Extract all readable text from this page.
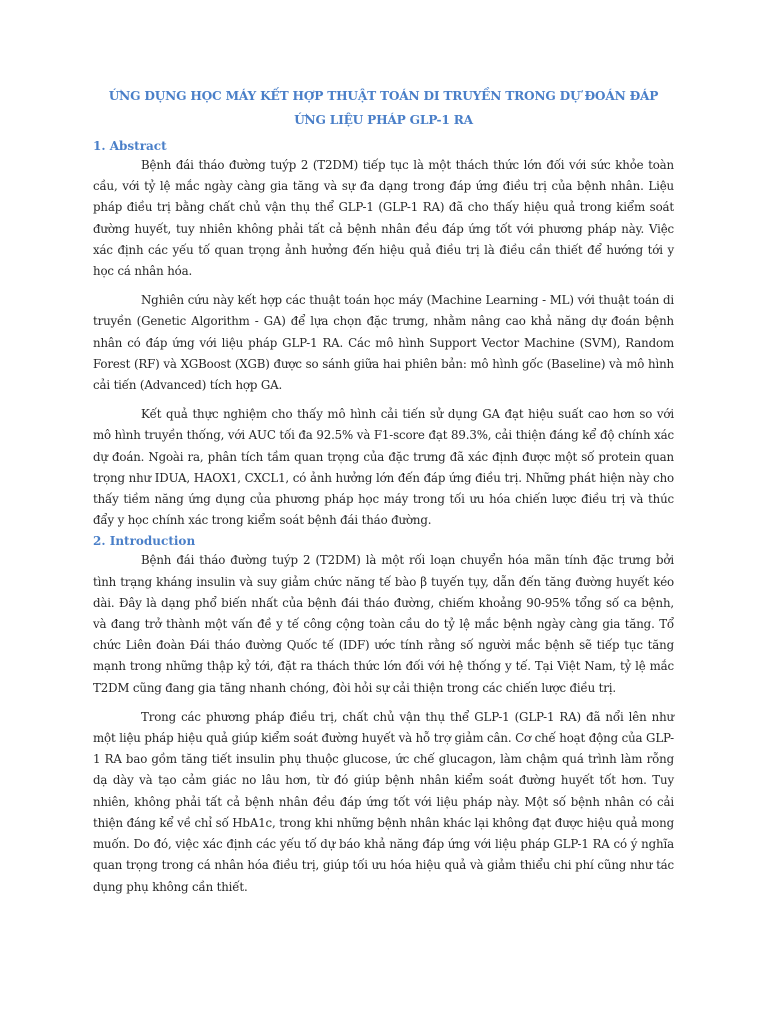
ỨNG DỤNG HỌC MÁY KẾT HỢP THUẬT TOÁN DI TRUYỀN TRONG DỰ ĐOÁN ĐÁP ỨNG LIỆU PHÁP GLP-1 RA
1. Abstract

Bệnh đái tháo đường tuýp 2 (T2DM) tiếp tục là một thách thức lớn đối với sức khỏe toàn cầu, với tỷ lệ mắc ngày càng gia tăng và sự đa dạng trong đáp ứng điều trị của bệnh nhân. Liệu pháp điều trị bằng chất chủ vận thụ thể GLP-1 (GLP-1 RA) đã cho thấy hiệu quả trong kiểm soát đường huyết, tuy nhiên không phải tất cả bệnh nhân đều đáp ứng tốt với phương pháp này. Việc xác định các yếu tố quan trọng ảnh hưởng đến hiệu quả điều trị là điều cần thiết để hướng tới y học cá nhân hóa.

Nghiên cứu này kết hợp các thuật toán học máy (Machine Learning - ML) với thuật toán di truyền (Genetic Algorithm - GA) để lựa chọn đặc trưng, nhằm nâng cao khả năng dự đoán bệnh nhân có đáp ứng với liệu pháp GLP-1 RA. Các mô hình Support Vector Machine (SVM), Random Forest (RF) và XGBoost (XGB) được so sánh giữa hai phiên bản: mô hình gốc (Baseline) và mô hình cải tiến (Advanced) tích hợp GA.

Kết quả thực nghiệm cho thấy mô hình cải tiến sử dụng GA đạt hiệu suất cao hơn so với mô hình truyền thống, với AUC tối đa 92.5% và F1-score đạt 89.3%, cải thiện đáng kể độ chính xác dự đoán. Ngoài ra, phân tích tầm quan trọng của đặc trưng đã xác định được một số protein quan trọng như IDUA, HAOX1, CXCL1, có ảnh hưởng lớn đến đáp ứng điều trị. Những phát hiện này cho thấy tiềm năng ứng dụng của phương pháp học máy trong tối ưu hóa chiến lược điều trị và thúc đẩy y học chính xác trong kiểm soát bệnh đái tháo đường.

2. Introduction

Bệnh đái tháo đường tuýp 2 (T2DM) là một rối loạn chuyển hóa mãn tính đặc trưng bởi tình trạng kháng insulin và suy giảm chức năng tế bào β tuyến tụy, dẫn đến tăng đường huyết kéo dài. Đây là dạng phổ biến nhất của bệnh đái tháo đường, chiếm khoảng 90-95% tổng số ca bệnh, và đang trở thành một vấn đề y tế công cộng toàn cầu do tỷ lệ mắc bệnh ngày càng gia tăng. Tổ chức Liên đoàn Đái tháo đường Quốc tế (IDF) ước tính rằng số người mắc bệnh sẽ tiếp tục tăng mạnh trong những thập kỷ tới, đặt ra thách thức lớn đối với hệ thống y tế. Tại Việt Nam, tỷ lệ mắc T2DM cũng đang gia tăng nhanh chóng, đòi hỏi sự cải thiện trong các chiến lược điều trị.

Trong các phương pháp điều trị, chất chủ vận thụ thể GLP-1 (GLP-1 RA) đã nổi lên như một liệu pháp hiệu quả giúp kiểm soát đường huyết và hỗ trợ giảm cân. Cơ chế hoạt động của GLP-1 RA bao gồm tăng tiết insulin phụ thuộc glucose, ức chế glucagon, làm chậm quá trình làm rỗng dạ dày và tạo cảm giác no lâu hơn, từ đó giúp bệnh nhân kiểm soát đường huyết tốt hơn. Tuy nhiên, không phải tất cả bệnh nhân đều đáp ứng tốt với liệu pháp này. Một số bệnh nhân có cải thiện đáng kể về chỉ số HbA1c, trong khi những bệnh nhân khác lại không đạt được hiệu quả mong muốn. Do đó, việc xác định các yếu tố dự báo khả năng đáp ứng với liệu pháp GLP-1 RA có ý nghĩa quan trọng trong cá nhân hóa điều trị, giúp tối ưu hóa hiệu quả và giảm thiểu chi phí cũng như tác dụng phụ không cần thiết.
